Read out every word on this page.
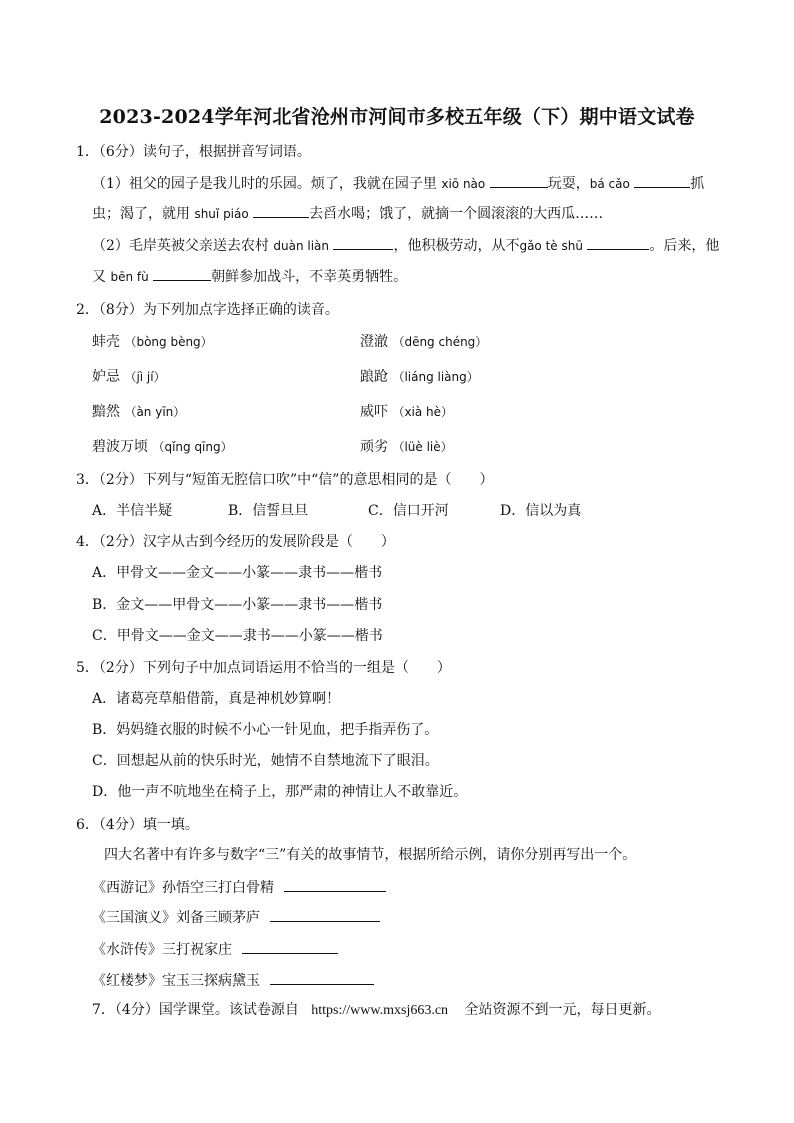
2023-2024学年河北省沧州市河间市多校五年级（下）期中语文试卷
1．（6分）读句子，根据拼音写词语。
（1）祖父的园子是我儿时的乐园。烦了，我就在园子里 xiō nào	玩耍，bá cǎo	抓
虫；渴了，就用 shuǐ piáo	去舀水喝；饿了，就摘一个圆滚滚的大西瓜……
（2）毛岸英被父亲送去农村 duàn liàn	，他积极劳动，从不gǎo tè shū	。后来，他
又 bēn fù	朝鲜参加战斗，不幸英勇牺牲。
2．（8分）为下列加点字选择正确的读音。
蚌壳 （bòng bèng）	澄澈 （dēng chéng）
妒忌 （jì jí）	踉跄 （liáng liàng）
黯然 （àn yīn）	威吓 （xià hè）
碧波万顷 （qǐng qīng）	顽劣 （lüè liè）
3．（2分）下列与“短笛无腔信口吹”中“信”的意思相同的是（　　）
A．半信半疑	B．信誓旦旦	C．信口开河	D．信以为真
4．（2分）汉字从古到今经历的发展阶段是（　　）
A．甲骨文——金文——小篆——隶书——楷书
B．金文——甲骨文——小篆——隶书——楷书
C．甲骨文——金文——隶书——小篆——楷书
5．（2分）下列句子中加点词语运用不恰当的一组是（　　）
A．诸葛亮草船借箭，真是神机妙算啊！
B．妈妈缝衣服的时候不小心一针见血，把手指弄伤了。
C．回想起从前的快乐时光，她情不自禁地流下了眼泪。
D．他一声不吭地坐在椅子上，那严肃的神情让人不敢靠近。
6．（4分）填一填。
四大名著中有许多与数字“三”有关的故事情节，根据所给示例，请你分别再写出一个。
《西游记》孙悟空三打白骨精
《三国演义》刘备三顾茅庐
《水浒传》三打祝家庄
《红楼梦》宝玉三探病黛玉
7．（4分）国学课堂。该试卷源自 https://www.mxsj663.cn 全站资源不到一元，每日更新。
